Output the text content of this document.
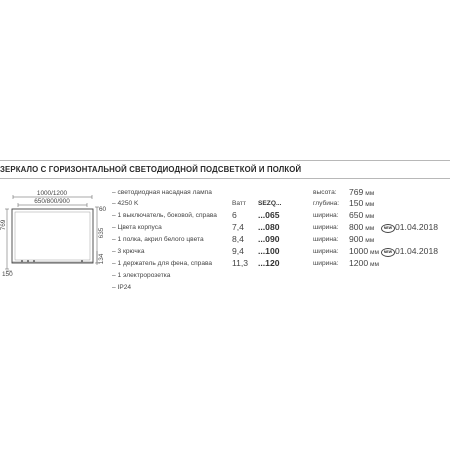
ЗЕРКАЛО С ГОРИЗОНТАЛЬНОЙ СВЕТОДИОДНОЙ ПОДСВЕТКОЙ И ПОЛКОЙ
1000/1200
650/800/900
60
769
635
134
150
– светодиодная насадная лампа
– 4250 K
– 1 выключатель, боковой, справа
– Цвета корпуса
– 1 полка, акрил белого цвета
– 3 крючка
– 1 держатель для фена, справа
– 1 электророзетка
– IP24
Ватт SEZQ...
6 ...065
7,4 ...080
8,4 ...090
9,4 ...100
11,3 ...120
высота: 769 мм
глубина: 150 мм
ширина: 650 мм
ширина: 800 мм
ширина: 900 мм
ширина: 1000 мм
ширина: 1200 мм
NEW 01.04.2018
NEW 01.04.2018
